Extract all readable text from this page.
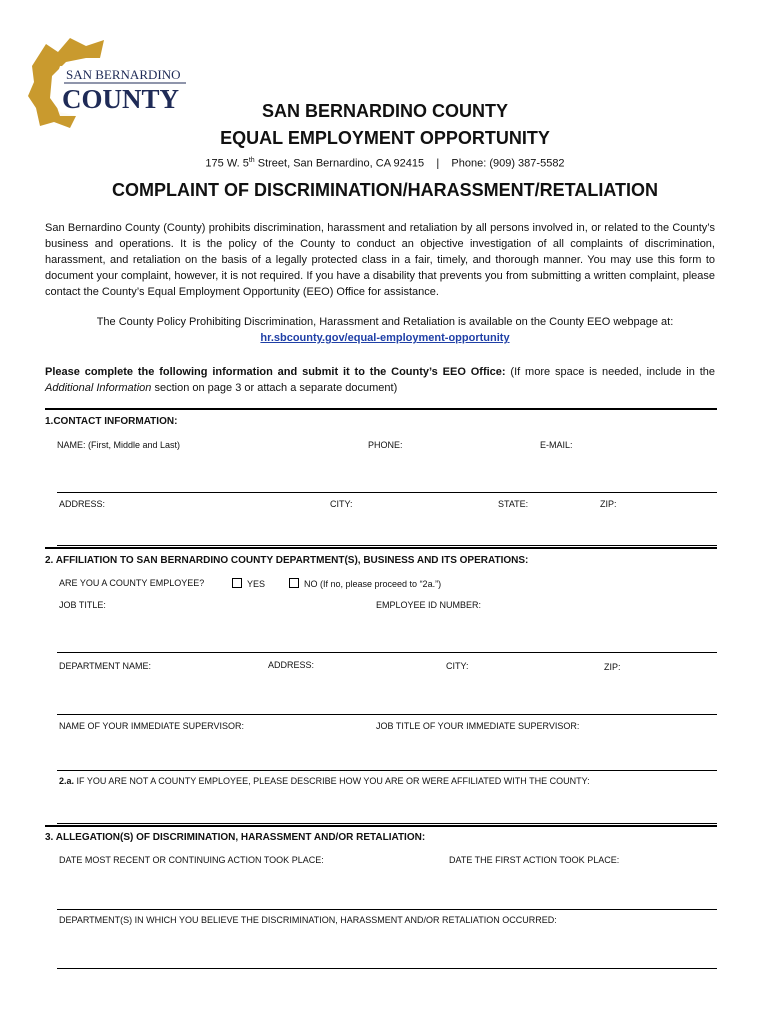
SAN BERNARDINO
COUNTY	SAN BERNARDINO COUNTY
EQUAL EMPLOYMENT OPPORTUNITY
175 W. 5th Street, San Bernardino, CA 92415 | Phone: (909) 387-5582
COMPLAINT OF DISCRIMINATION/HARASSMENT/RETALIATION
San Bernardino County (County) prohibits discrimination, harassment and retaliation by all persons involved in, or related to the County’s business and operations. It is the policy of the County to conduct an objective investigation of all complaints of discrimination, harassment, and retaliation on the basis of a legally protected class in a fair, timely, and thorough manner. You may use this form to document your complaint, however, it is not required. If you have a disability that prevents you from submitting a written complaint, please contact the County’s Equal Employment Opportunity (EEO) Office for assistance.
The County Policy Prohibiting Discrimination, Harassment and Retaliation is available on the County EEO webpage at:
hr.sbcounty.gov/equal-employment-opportunity
Please complete the following information and submit it to the County’s EEO Office: (If more space is needed, include in the Additional Information section on page 3 or attach a separate document)
1.CONTACT INFORMATION:
NAME: (First, Middle and Last)	PHONE:	E-MAIL:
ADDRESS:	CITY:	STATE:	ZIP:
2. AFFILIATION TO SAN BERNARDINO COUNTY DEPARTMENT(S), BUSINESS AND ITS OPERATIONS:
ARE YOU A COUNTY EMPLOYEE?	YES	NO (If no, please proceed to “2a.”)
JOB TITLE:	EMPLOYEE ID NUMBER:
DEPARTMENT NAME:	ADDRESS:	CITY:	ZIP:
NAME OF YOUR IMMEDIATE SUPERVISOR:	JOB TITLE OF YOUR IMMEDIATE SUPERVISOR:
2.a. IF YOU ARE NOT A COUNTY EMPLOYEE, PLEASE DESCRIBE HOW YOU ARE OR WERE AFFILIATED WITH THE COUNTY:
3. ALLEGATION(S) OF DISCRIMINATION, HARASSMENT AND/OR RETALIATION:
DATE MOST RECENT OR CONTINUING ACTION TOOK PLACE:	DATE THE FIRST ACTION TOOK PLACE:
DEPARTMENT(S) IN WHICH YOU BELIEVE THE DISCRIMINATION, HARASSMENT AND/OR RETALIATION OCCURRED:
